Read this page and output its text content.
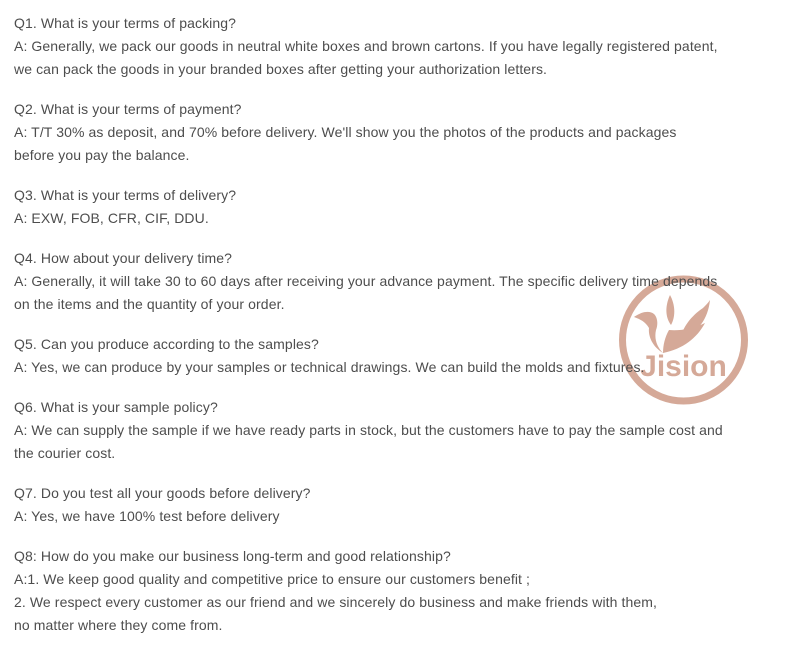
Jision
Q1. What is your terms of packing?
A: Generally, we pack our goods in neutral white boxes and brown cartons. If you have legally registered patent,
we can pack the goods in your branded boxes after getting your authorization letters.
Q2. What is your terms of payment?
A: T/T 30% as deposit, and 70% before delivery. We'll show you the photos of the products and packages
before you pay the balance.
Q3. What is your terms of delivery?
A: EXW, FOB, CFR, CIF, DDU.
Q4. How about your delivery time?
A: Generally, it will take 30 to 60 days after receiving your advance payment. The specific delivery time depends
on the items and the quantity of your order.
Q5. Can you produce according to the samples?
A: Yes, we can produce by your samples or technical drawings. We can build the molds and fixtures.
Q6. What is your sample policy?
A: We can supply the sample if we have ready parts in stock, but the customers have to pay the sample cost and
the courier cost.
Q7. Do you test all your goods before delivery?
A: Yes, we have 100% test before delivery
Q8: How do you make our business long-term and good relationship?
A:1. We keep good quality and competitive price to ensure our customers benefit ;
2. We respect every customer as our friend and we sincerely do business and make friends with them,
no matter where they come from.
